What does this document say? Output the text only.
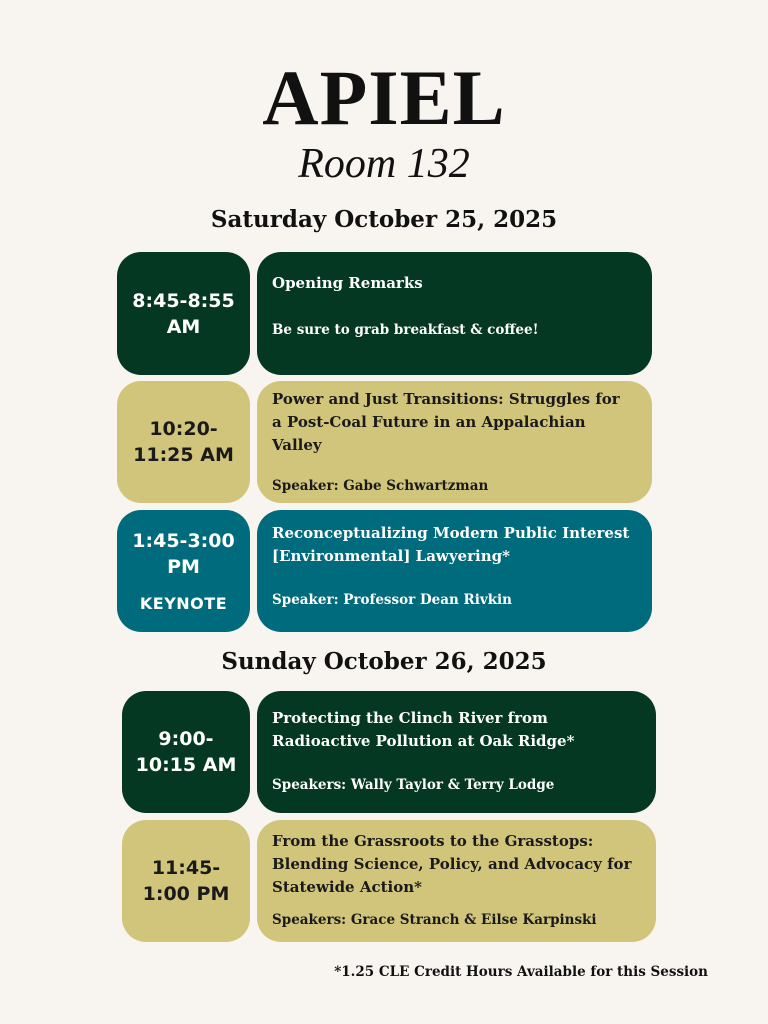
APIEL
Room 132
Saturday October 25, 2025
8:45-8:55 AM
Opening Remarks
Be sure to grab breakfast & coffee!
10:20-11:25 AM
Power and Just Transitions: Struggles for a Post-Coal Future in an Appalachian Valley
Speaker: Gabe Schwartzman
1:45-3:00 PM
KEYNOTE
Reconceptualizing Modern Public Interest [Environmental] Lawyering*
Speaker: Professor Dean Rivkin
Sunday October 26, 2025
9:00-10:15 AM
Protecting the Clinch River from Radioactive Pollution at Oak Ridge*
Speakers: Wally Taylor & Terry Lodge
11:45-1:00 PM
From the Grassroots to the Grasstops: Blending Science, Policy, and Advocacy for Statewide Action*
Speakers: Grace Stranch & Eilse Karpinski
*1.25 CLE Credit Hours Available for this Session
